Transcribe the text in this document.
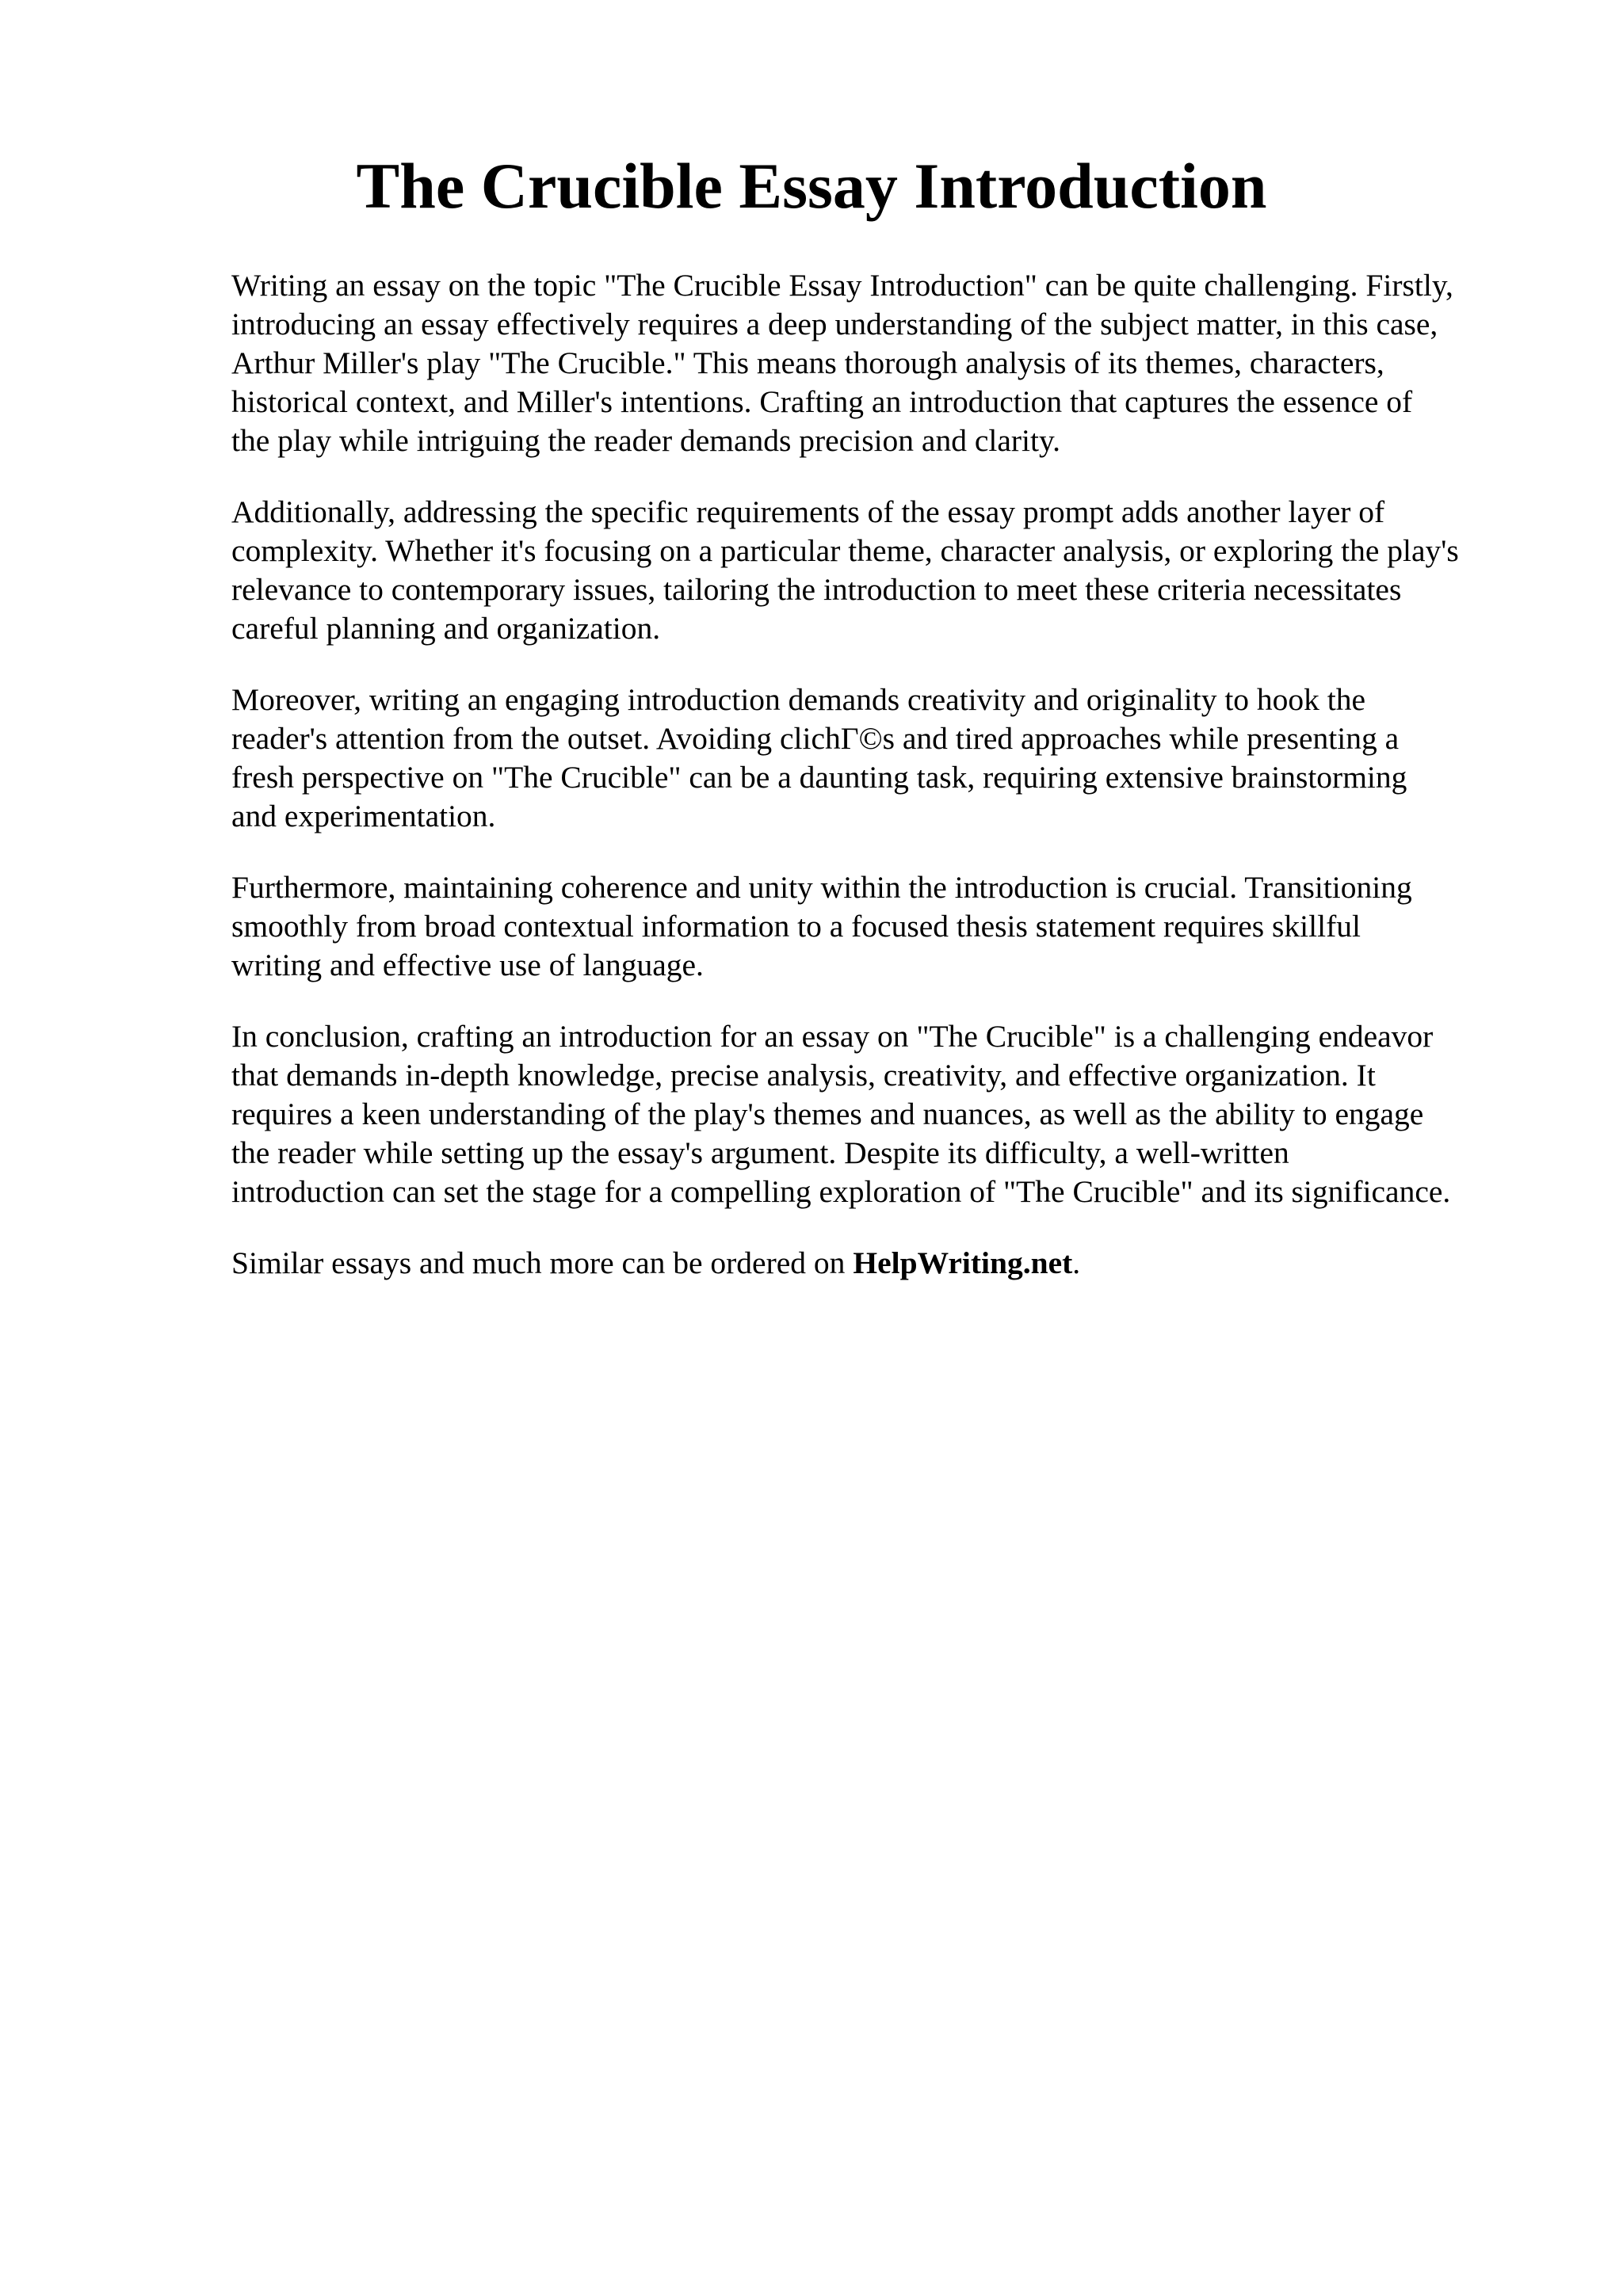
The Crucible Essay Introduction

Writing an essay on the topic "The Crucible Essay Introduction" can be quite challenging. Firstly,
introducing an essay effectively requires a deep understanding of the subject matter, in this case,
Arthur Miller's play "The Crucible." This means thorough analysis of its themes, characters,
historical context, and Miller's intentions. Crafting an introduction that captures the essence of
the play while intriguing the reader demands precision and clarity.

Additionally, addressing the specific requirements of the essay prompt adds another layer of
complexity. Whether it's focusing on a particular theme, character analysis, or exploring the play's
relevance to contemporary issues, tailoring the introduction to meet these criteria necessitates
careful planning and organization.

Moreover, writing an engaging introduction demands creativity and originality to hook the
reader's attention from the outset. Avoiding clichΓ©s and tired approaches while presenting a
fresh perspective on "The Crucible" can be a daunting task, requiring extensive brainstorming
and experimentation.

Furthermore, maintaining coherence and unity within the introduction is crucial. Transitioning
smoothly from broad contextual information to a focused thesis statement requires skillful
writing and effective use of language.

In conclusion, crafting an introduction for an essay on "The Crucible" is a challenging endeavor
that demands in-depth knowledge, precise analysis, creativity, and effective organization. It
requires a keen understanding of the play's themes and nuances, as well as the ability to engage
the reader while setting up the essay's argument. Despite its difficulty, a well-written
introduction can set the stage for a compelling exploration of "The Crucible" and its significance.

Similar essays and much more can be ordered on HelpWriting.net.
